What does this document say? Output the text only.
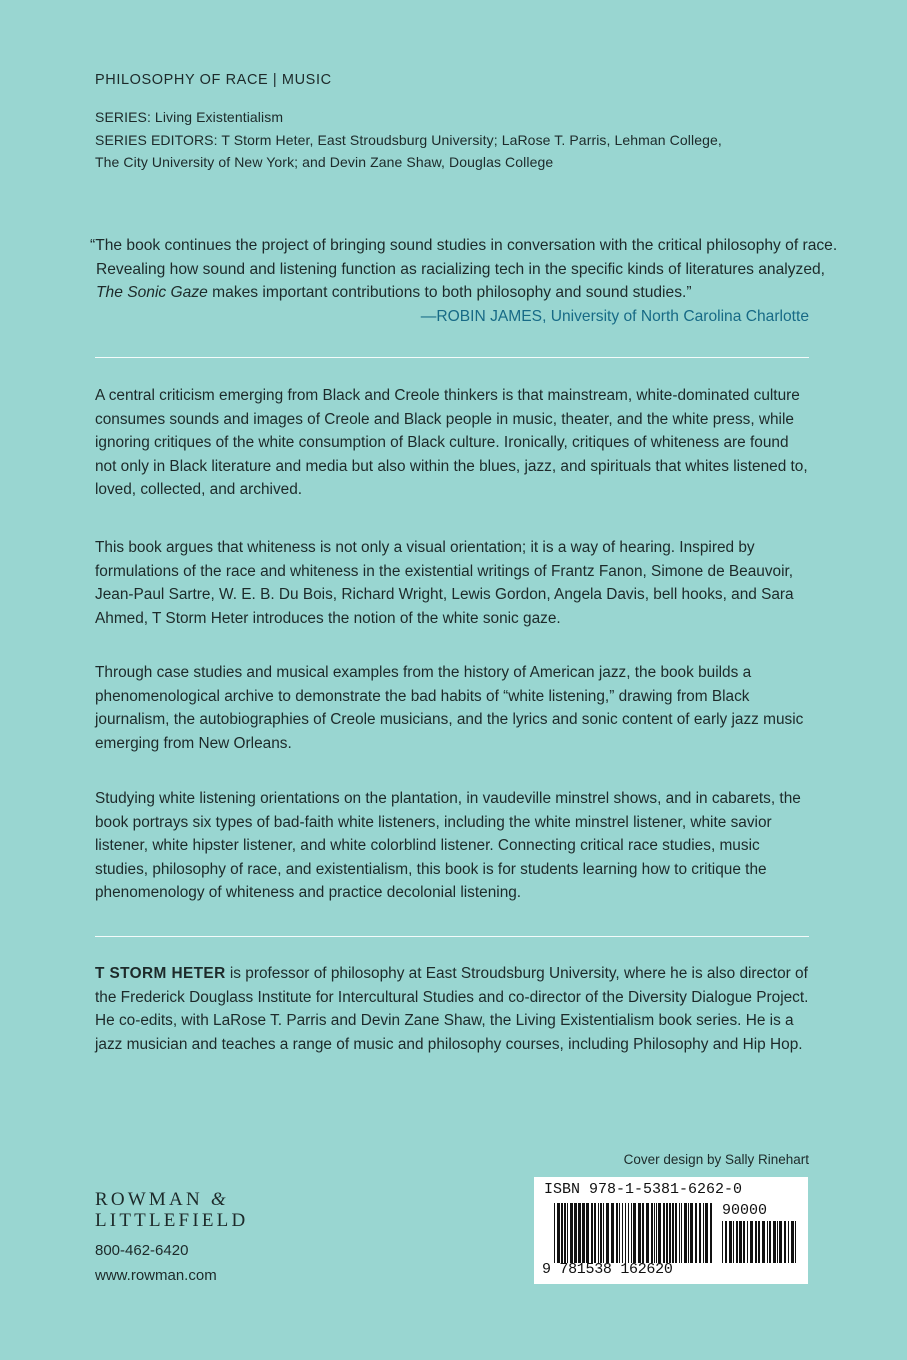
PHILOSOPHY OF RACE | MUSIC
SERIES: Living Existentialism
SERIES EDITORS: T Storm Heter, East Stroudsburg University; LaRose T. Parris, Lehman College,
The City University of New York; and Devin Zane Shaw, Douglas College
“The book continues the project of bringing sound studies in conversation with the critical philosophy of race.
Revealing how sound and listening function as racializing tech in the specific kinds of literatures analyzed,
The Sonic Gaze makes important contributions to both philosophy and sound studies.”
—ROBIN JAMES, University of North Carolina Charlotte

A central criticism emerging from Black and Creole thinkers is that mainstream, white-dominated culture consumes sounds and images of Creole and Black people in music, theater, and the white press, while ignoring critiques of the white consumption of Black culture. Ironically, critiques of whiteness are found not only in Black literature and media but also within the blues, jazz, and spirituals that whites listened to, loved, collected, and archived.

This book argues that whiteness is not only a visual orientation; it is a way of hearing. Inspired by formulations of the race and whiteness in the existential writings of Frantz Fanon, Simone de Beauvoir, Jean-Paul Sartre, W. E. B. Du Bois, Richard Wright, Lewis Gordon, Angela Davis, bell hooks, and Sara Ahmed, T Storm Heter introduces the notion of the white sonic gaze.

Through case studies and musical examples from the history of American jazz, the book builds a phenomenological archive to demonstrate the bad habits of “white listening,” drawing from Black journalism, the autobiographies of Creole musicians, and the lyrics and sonic content of early jazz music emerging from New Orleans.

Studying white listening orientations on the plantation, in vaudeville minstrel shows, and in cabarets, the book portrays six types of bad-faith white listeners, including the white minstrel listener, white savior listener, white hipster listener, and white colorblind listener. Connecting critical race studies, music studies, philosophy of race, and existentialism, this book is for students learning how to critique the phenomenology of whiteness and practice decolonial listening.

T STORM HETER is professor of philosophy at East Stroudsburg University, where he is also director of the Frederick Douglass Institute for Intercultural Studies and co-director of the Diversity Dialogue Project. He co-edits, with LaRose T. Parris and Devin Zane Shaw, the Living Existentialism book series. He is a jazz musician and teaches a range of music and philosophy courses, including Philosophy and Hip Hop.
Cover design by Sally Rinehart
ROWMAN &
LITTLEFIELD
800-462-6420
www.rowman.com
ISBN 978-1-5381-6262-0
90000
9 781538 162620
